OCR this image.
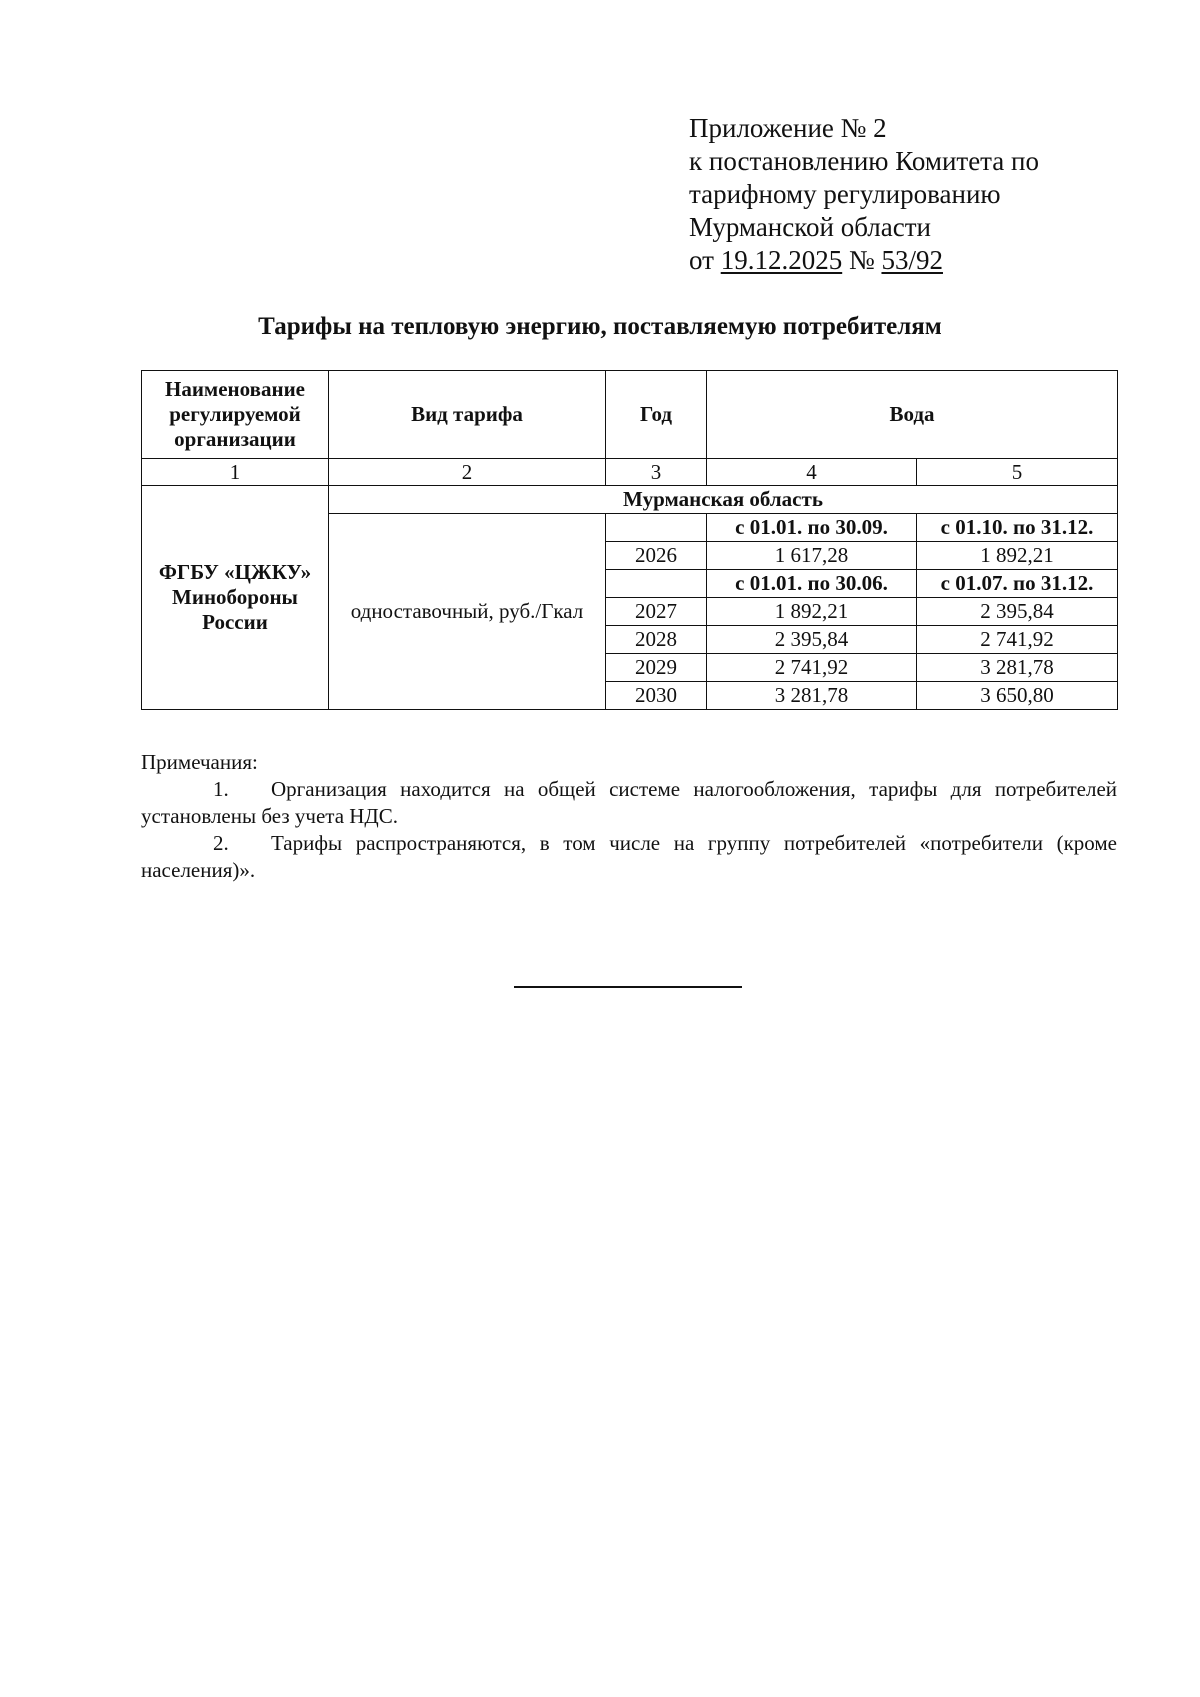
Приложение № 2
к постановлению Комитета по
тарифному регулированию
Мурманской области
от 19.12.2025 № 53/92
Тарифы на тепловую энергию, поставляемую потребителям
Наименование регулируемой организации	Вид тарифа	Год	Вода	
1	2	3	4	5
ФГБУ «ЦЖКУ» Минобороны России	Мурманская область			
	одноставочный, руб./Гкал		с 01.01. по 30.09.	с 01.10. по 31.12.
		2026	1 617,28	1 892,21
			с 01.01. по 30.06.	с 01.07. по 31.12.
		2027	1 892,21	2 395,84
		2028	2 395,84	2 741,92
		2029	2 741,92	3 281,78
		2030	3 281,78	3 650,80

Примечания:

1. Организация находится на общей системе налогообложения, тарифы для потребителей установлены без учета НДС.

2. Тарифы распространяются, в том числе на группу потребителей «потребители (кроме населения)».
